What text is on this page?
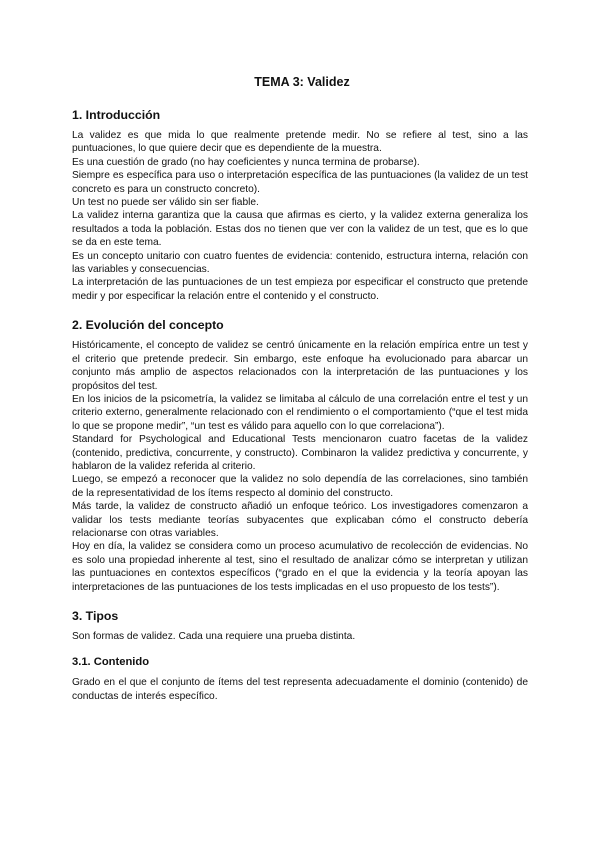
TEMA 3: Validez
1. Introducción

La validez es que mida lo que realmente pretende medir. No se refiere al test, sino a las puntuaciones, lo que quiere decir que es dependiente de la muestra.

Es una cuestión de grado (no hay coeficientes y nunca termina de probarse).

Siempre es específica para uso o interpretación específica de las puntuaciones (la validez de un test concreto es para un constructo concreto).

Un test no puede ser válido sin ser fiable.

La validez interna garantiza que la causa que afirmas es cierto, y la validez externa generaliza los resultados a toda la población. Estas dos no tienen que ver con la validez de un test, que es lo que se da en este tema.

Es un concepto unitario con cuatro fuentes de evidencia: contenido, estructura interna, relación con las variables y consecuencias.

La interpretación de las puntuaciones de un test empieza por especificar el constructo que pretende medir y por especificar la relación entre el contenido y el constructo.

2. Evolución del concepto

Históricamente, el concepto de validez se centró únicamente en la relación empírica entre un test y el criterio que pretende predecir. Sin embargo, este enfoque ha evolucionado para abarcar un conjunto más amplio de aspectos relacionados con la interpretación de las puntuaciones y los propósitos del test.

En los inicios de la psicometría, la validez se limitaba al cálculo de una correlación entre el test y un criterio externo, generalmente relacionado con el rendimiento o el comportamiento (“que el test mida lo que se propone medir”, “un test es válido para aquello con lo que correlaciona”).

Standard for Psychological and Educational Tests mencionaron cuatro facetas de la validez (contenido, predictiva, concurrente, y constructo). Combinaron la validez predictiva y concurrente, y hablaron de la validez referida al criterio.

Luego, se empezó a reconocer que la validez no solo dependía de las correlaciones, sino también de la representatividad de los ítems respecto al dominio del constructo.

Más tarde, la validez de constructo añadió un enfoque teórico. Los investigadores comenzaron a validar los tests mediante teorías subyacentes que explicaban cómo el constructo debería relacionarse con otras variables.

Hoy en día, la validez se considera como un proceso acumulativo de recolección de evidencias. No es solo una propiedad inherente al test, sino el resultado de analizar cómo se interpretan y utilizan las puntuaciones en contextos específicos (“grado en el que la evidencia y la teoría apoyan las interpretaciones de las puntuaciones de los tests implicadas en el uso propuesto de los tests”).

3. Tipos

Son formas de validez. Cada una requiere una prueba distinta.

3.1. Contenido

Grado en el que el conjunto de ítems del test representa adecuadamente el dominio (contenido) de conductas de interés específico.
